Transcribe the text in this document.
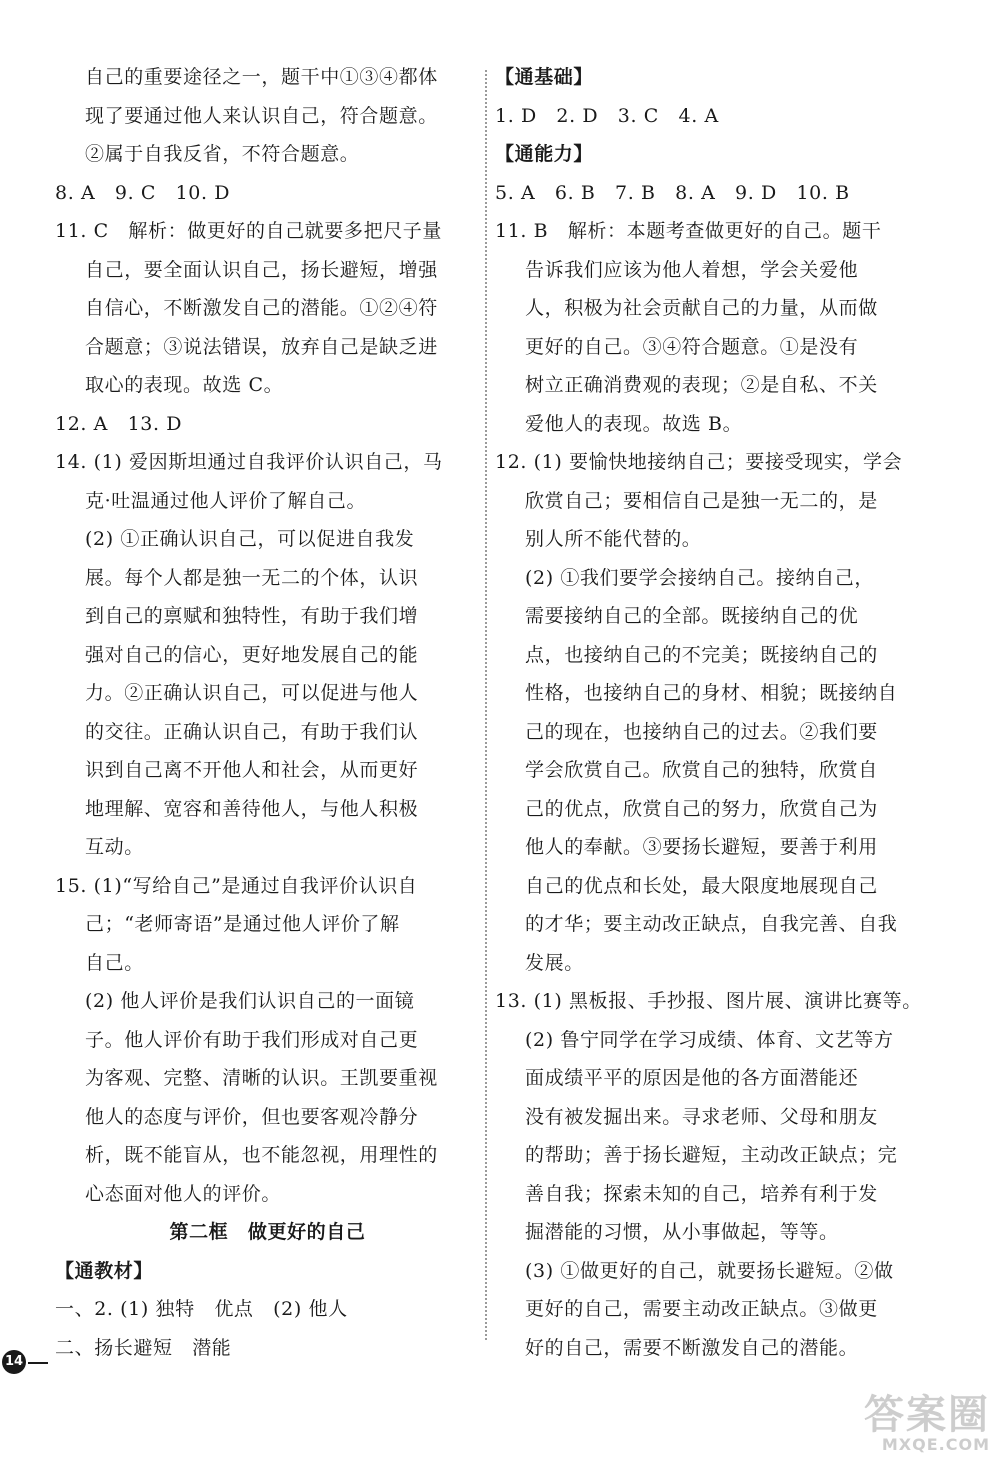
自己的重要途径之一，题干中①③④都体
现了要通过他人来认识自己，符合题意。
②属于自我反省，不符合题意。
8. A　9. C　10. D
11. C　解析：做更好的自己就要多把尺子量
自己，要全面认识自己，扬长避短，增强
自信心，不断激发自己的潜能。①②④符
合题意；③说法错误，放弃自己是缺乏进
取心的表现。故选 C。
12. A　13. D
14. (1) 爱因斯坦通过自我评价认识自己，马
克·吐温通过他人评价了解自己。
(2) ①正确认识自己，可以促进自我发
展。每个人都是独一无二的个体，认识
到自己的禀赋和独特性，有助于我们增
强对自己的信心，更好地发展自己的能
力。②正确认识自己，可以促进与他人
的交往。正确认识自己，有助于我们认
识到自己离不开他人和社会，从而更好
地理解、宽容和善待他人，与他人积极
互动。
15. (1)“写给自己”是通过自我评价认识自
己；“老师寄语”是通过他人评价了解
自己。
(2) 他人评价是我们认识自己的一面镜
子。他人评价有助于我们形成对自己更
为客观、完整、清晰的认识。王凯要重视
他人的态度与评价，但也要客观冷静分
析，既不能盲从，也不能忽视，用理性的
心态面对他人的评价。
第二框　做更好的自己
【通教材】
一、2. (1) 独特　优点　(2) 他人
二、扬长避短　潜能
【通基础】
1. D　2. D　3. C　4. A
【通能力】
5. A　6. B　7. B　8. A　9. D　10. B
11. B　解析：本题考查做更好的自己。题干
告诉我们应该为他人着想，学会关爱他
人，积极为社会贡献自己的力量，从而做
更好的自己。③④符合题意。①是没有
树立正确消费观的表现；②是自私、不关
爱他人的表现。故选 B。
12. (1) 要愉快地接纳自己；要接受现实，学会
欣赏自己；要相信自己是独一无二的，是
别人所不能代替的。
(2) ①我们要学会接纳自己。接纳自己，
需要接纳自己的全部。既接纳自己的优
点，也接纳自己的不完美；既接纳自己的
性格，也接纳自己的身材、相貌；既接纳自
己的现在，也接纳自己的过去。②我们要
学会欣赏自己。欣赏自己的独特，欣赏自
己的优点，欣赏自己的努力，欣赏自己为
他人的奉献。③要扬长避短，要善于利用
自己的优点和长处，最大限度地展现自己
的才华；要主动改正缺点，自我完善、自我
发展。
13. (1) 黑板报、手抄报、图片展、演讲比赛等。
(2) 鲁宁同学在学习成绩、体育、文艺等方
面成绩平平的原因是他的各方面潜能还
没有被发掘出来。寻求老师、父母和朋友
的帮助；善于扬长避短，主动改正缺点；完
善自我；探索未知的自己，培养有利于发
掘潜能的习惯，从小事做起，等等。
(3) ①做更好的自己，就要扬长避短。②做
更好的自己，需要主动改正缺点。③做更
好的自己，需要不断激发自己的潜能。
14
答案圈
MXQE.COM
